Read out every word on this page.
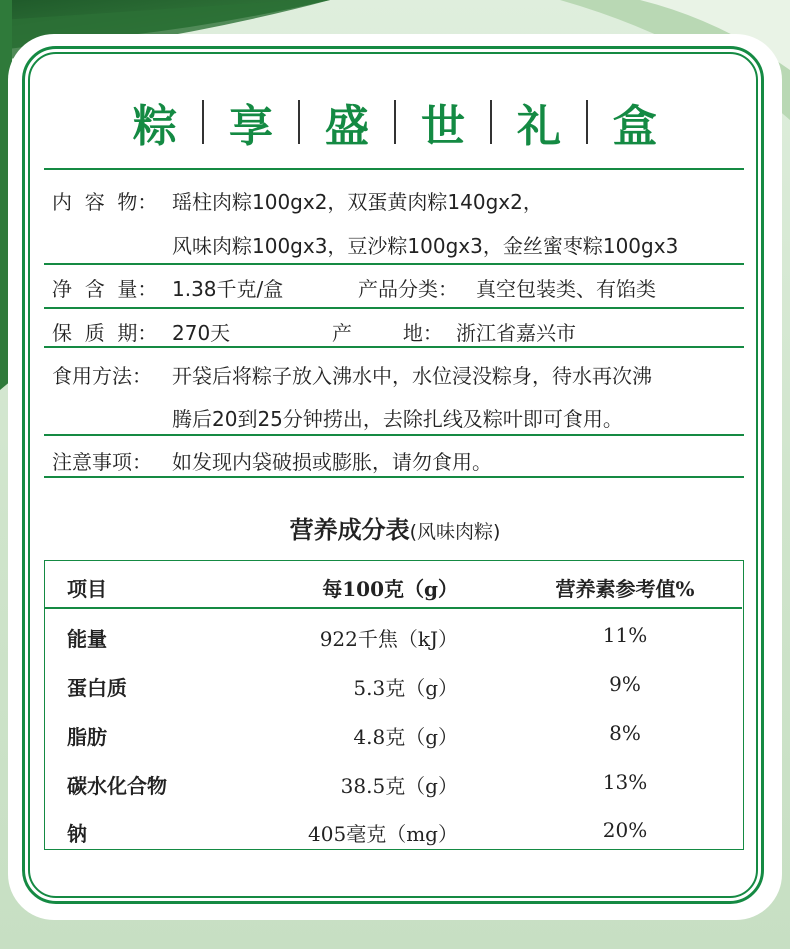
粽	享	盛	世	礼	盒
内  容  物： 瑶柱肉粽100gx2，双蛋黄肉粽140gx2，
风味肉粽100gx3，豆沙粽100gx3，金丝蜜枣粽100gx3
净  含  量： 1.38千克/盒	产品分类： 真空包装类、有馅类
保  质  期： 270天	产        地： 浙江省嘉兴市
食用方法： 开袋后将粽子放入沸水中，水位浸没粽身，待水再次沸
腾后20到25分钟捞出，去除扎线及粽叶即可食用。
注意事项： 如发现内袋破损或膨胀，请勿食用。
营养成分表(风味肉粽)
项目	每100克（g）	营养素参考值%
能量	922千焦（kJ）	11%
蛋白质	5.3克（g）	9%
脂肪	4.8克（g）	8%
碳水化合物	38.5克（g）	13%
钠	405毫克（mg）	20%
